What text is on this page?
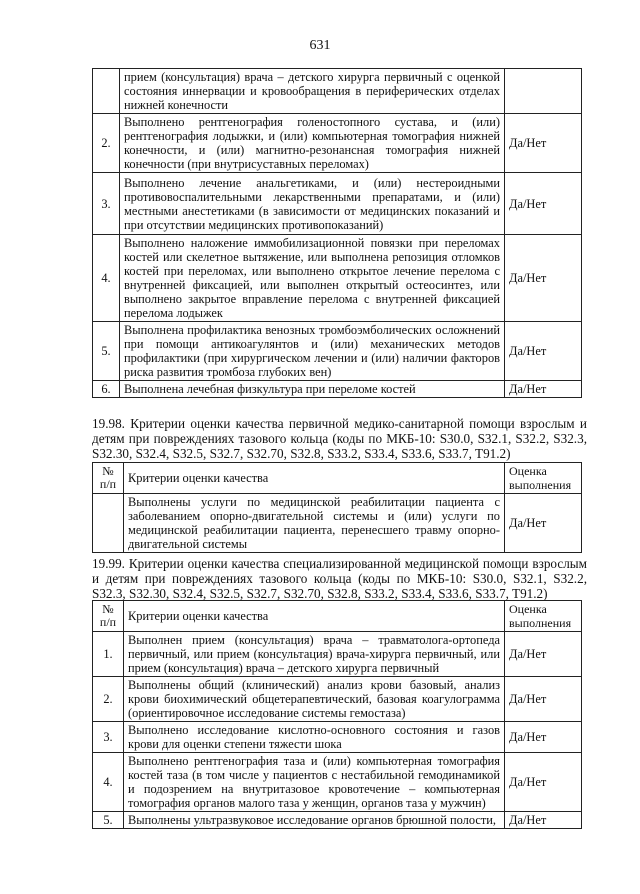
631
	прием (консультация) врача – детского хирурга первичный с оценкой состояния иннервации и кровообращения в периферических отделах нижней конечности	
2.	Выполнено рентгенография голеностопного сустава, и (или) рентгенография лодыжки, и (или) компьютерная томография нижней конечности, и (или) магнитно-резонансная томография нижней конечности (при внутрисуставных переломах)	Да/Нет
3.	Выполнено лечение анальгетиками, и (или) нестероидными противовоспалительными лекарственными препаратами, и (или) местными анестетиками (в зависимости от медицинских показаний и при отсутствии медицинских противопоказаний)	Да/Нет
4.	Выполнено наложение иммобилизационной повязки при переломах костей или скелетное вытяжение, или выполнена репозиция отломков костей при переломах, или выполнено открытое лечение перелома с внутренней фиксацией, или выполнен открытый остеосинтез, или выполнено закрытое вправление перелома с внутренней фиксацией перелома лодыжек	Да/Нет
5.	Выполнена профилактика венозных тромбоэмболических осложнений при помощи антикоагулянтов и (или) механических методов профилактики (при хирургическом лечении и (или) наличии факторов риска развития тромбоза глубоких вен)	Да/Нет
6.	Выполнена лечебная физкультура при переломе костей	Да/Нет

19.98. Критерии оценки качества первичной медико-санитарной помощи взрослым и детям при повреждениях тазового кольца (коды по МКБ-10: S30.0, S32.1, S32.2, S32.3, S32.30, S32.4, S32.5, S32.7, S32.70, S32.8, S33.2, S33.4, S33.6, S33.7, T91.2)

№ п/п	Критерии оценки качества	Оценка выполнения
	Выполнены услуги по медицинской реабилитации пациента с заболеванием опорно-двигательной системы и (или) услуги по медицинской реабилитации пациента, перенесшего травму опорно-двигательной системы	Да/Нет

19.99. Критерии оценки качества специализированной медицинской помощи взрослым и детям при повреждениях тазового кольца (коды по МКБ-10: S30.0, S32.1, S32.2, S32.3, S32.30, S32.4, S32.5, S32.7, S32.70, S32.8, S33.2, S33.4, S33.6, S33.7, T91.2)

№ п/п	Критерии оценки качества	Оценка выполнения
1.	Выполнен прием (консультация) врача – травматолога-ортопеда первичный, или прием (консультация) врача-хирурга первичный, или прием (консультация) врача – детского хирурга первичный	Да/Нет
2.	Выполнены общий (клинический) анализ крови базовый, анализ крови биохимический общетерапевтический, базовая коагулограмма (ориентировочное исследование системы гемостаза)	Да/Нет
3.	Выполнено исследование кислотно-основного состояния и газов крови для оценки степени тяжести шока	Да/Нет
4.	Выполнено рентгенография таза и (или) компьютерная томография костей таза (в том числе у пациентов с нестабильной гемодинамикой и подозрением на внутритазовое кровотечение – компьютерная томография органов малого таза у женщин, органов таза у мужчин)	Да/Нет
5.	Выполнены ультразвуковое исследование органов брюшной полости,	Да/Нет
